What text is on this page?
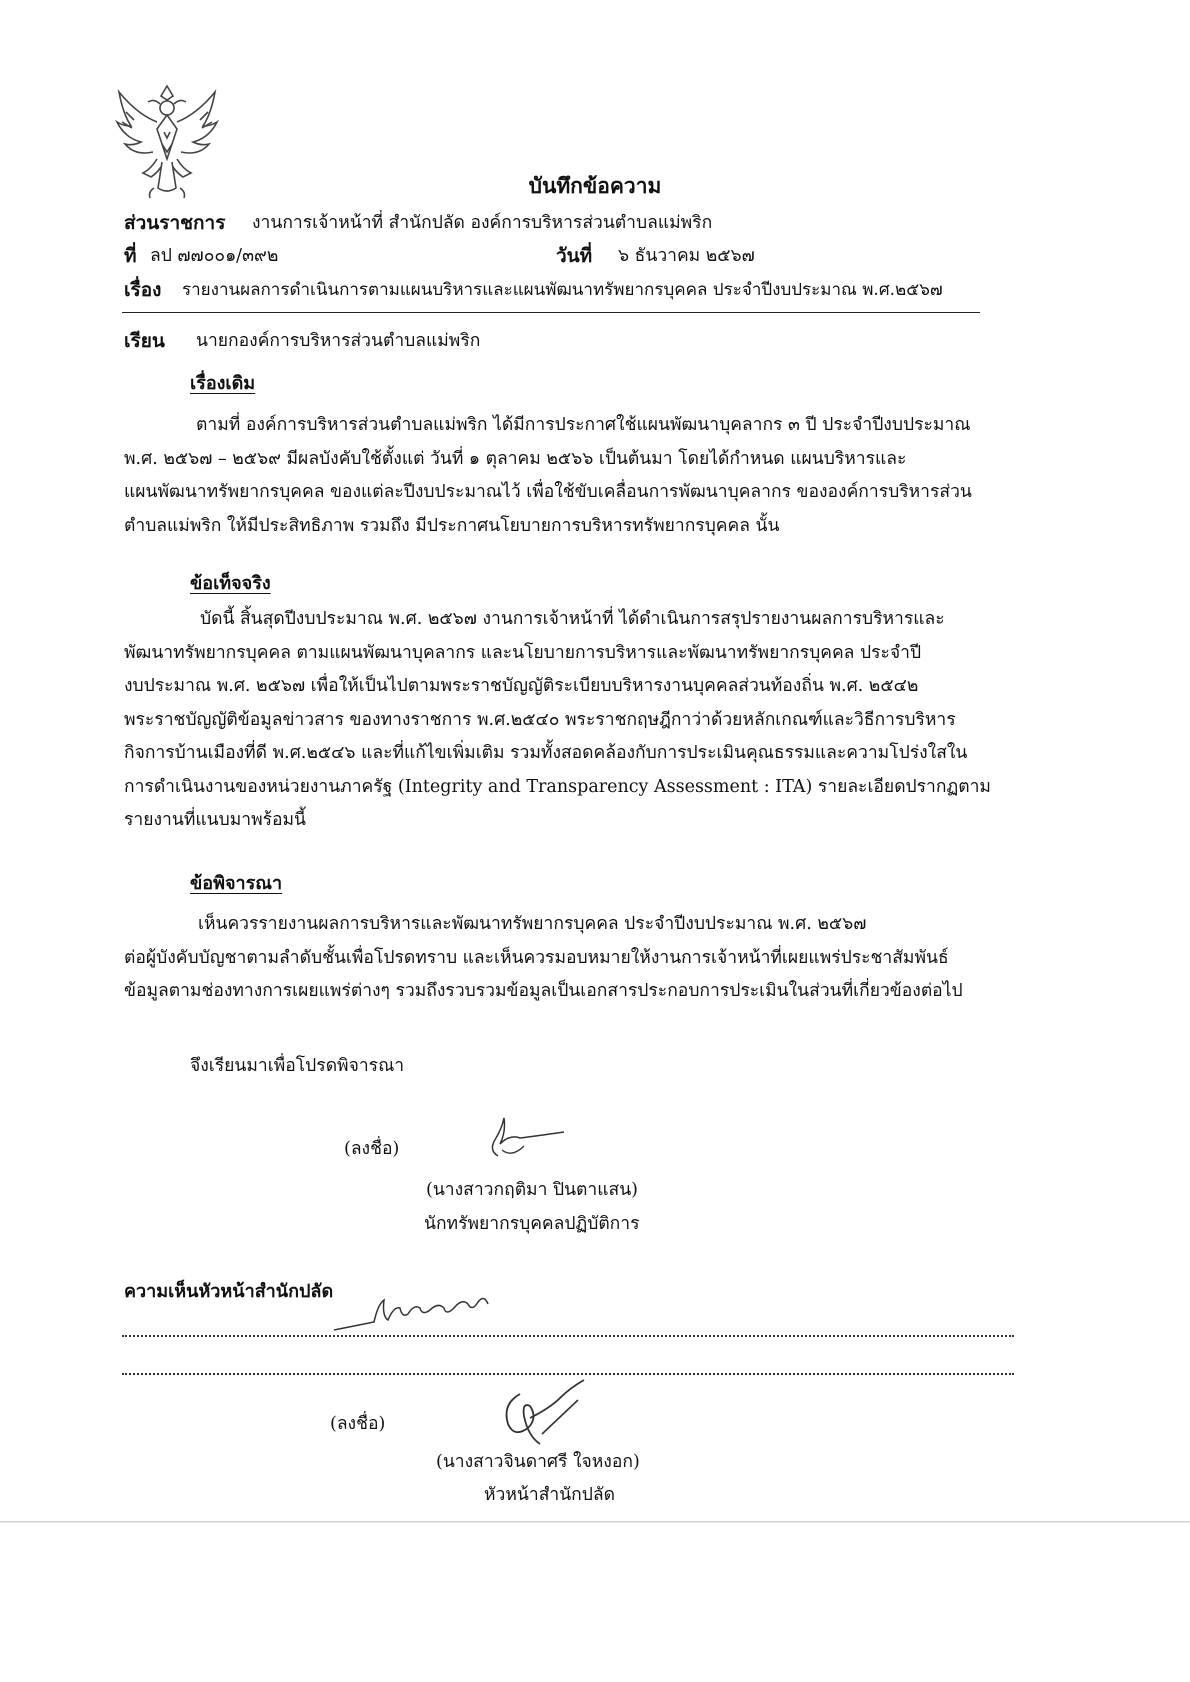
บันทึกข้อความ
ส่วนราชการ งานการเจ้าหน้าที่ สำนักปลัด องค์การบริหารส่วนตำบลแม่พริก
ที่ ลป ๗๗๐๐๑/๓๙๒	วันที่ ๖ ธันวาคม ๒๕๖๗
เรื่อง รายงานผลการดำเนินการตามแผนบริหารและแผนพัฒนาทรัพยากรบุคคล ประจำปีงบประมาณ พ.ศ.๒๕๖๗
เรียน นายกองค์การบริหารส่วนตำบลแม่พริก
เรื่องเดิม
ตามที่ องค์การบริหารส่วนตำบลแม่พริก ได้มีการประกาศใช้แผนพัฒนาบุคลากร ๓ ปี ประจำปีงบประมาณ
พ.ศ. ๒๕๖๗ – ๒๕๖๙ มีผลบังคับใช้ตั้งแต่ วันที่ ๑ ตุลาคม ๒๕๖๖ เป็นต้นมา โดยได้กำหนด แผนบริหารและ
แผนพัฒนาทรัพยากรบุคคล ของแต่ละปีงบประมาณไว้ เพื่อใช้ขับเคลื่อนการพัฒนาบุคลากร ขององค์การบริหารส่วน
ตำบลแม่พริก ให้มีประสิทธิภาพ รวมถึง มีประกาศนโยบายการบริหารทรัพยากรบุคคล นั้น
ข้อเท็จจริง
บัดนี้ สิ้นสุดปีงบประมาณ พ.ศ. ๒๕๖๗ งานการเจ้าหน้าที่ ได้ดำเนินการสรุปรายงานผลการบริหารและ
พัฒนาทรัพยากรบุคคล ตามแผนพัฒนาบุคลากร และนโยบายการบริหารและพัฒนาทรัพยากรบุคคล ประจำปี
งบประมาณ พ.ศ. ๒๕๖๗ เพื่อให้เป็นไปตามพระราชบัญญัติระเบียบบริหารงานบุคคลส่วนท้องถิ่น พ.ศ. ๒๕๔๒
พระราชบัญญัติข้อมูลข่าวสาร ของทางราชการ พ.ศ.๒๕๔๐ พระราชกฤษฎีกาว่าด้วยหลักเกณฑ์และวิธีการบริหาร
กิจการบ้านเมืองที่ดี พ.ศ.๒๕๔๖ และที่แก้ไขเพิ่มเติม รวมทั้งสอดคล้องกับการประเมินคุณธรรมและความโปร่งใสใน
การดำเนินงานของหน่วยงานภาครัฐ (Integrity and Transparency Assessment : ITA) รายละเอียดปรากฏตาม
รายงานที่แนบมาพร้อมนี้
ข้อพิจารณา
เห็นควรรายงานผลการบริหารและพัฒนาทรัพยากรบุคคล ประจำปีงบประมาณ พ.ศ. ๒๕๖๗
ต่อผู้บังคับบัญชาตามลำดับชั้นเพื่อโปรดทราบ และเห็นควรมอบหมายให้งานการเจ้าหน้าที่เผยแพร่ประชาสัมพันธ์
ข้อมูลตามช่องทางการเผยแพร่ต่างๆ รวมถึงรวบรวมข้อมูลเป็นเอกสารประกอบการประเมินในส่วนที่เกี่ยวข้องต่อไป
จึงเรียนมาเพื่อโปรดพิจารณา
(ลงชื่อ)
(นางสาวกฤติมา ปินตาแสน)
นักทรัพยากรบุคคลปฏิบัติการ
ความเห็นหัวหน้าสำนักปลัด
(ลงชื่อ)
(นางสาวจินดาศรี ใจหงอก)
หัวหน้าสำนักปลัด
